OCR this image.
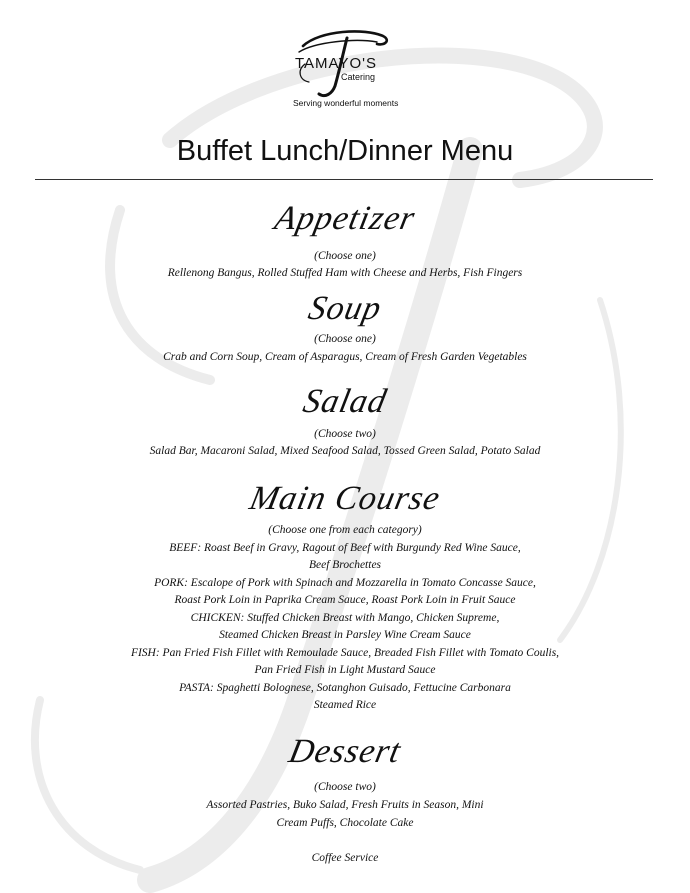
TAMAYO'S
Catering
Serving wonderful moments
Buffet Lunch/Dinner Menu
Appetizer

(Choose one)

Rellenong Bangus, Rolled Stuffed Ham with Cheese and Herbs, Fish Fingers

Soup

(Choose one)

Crab and Corn Soup, Cream of Asparagus, Cream of Fresh Garden Vegetables

Salad

(Choose two)

Salad Bar, Macaroni Salad, Mixed Seafood Salad, Tossed Green Salad, Potato Salad

Main Course

(Choose one from each category)

BEEF: Roast Beef in Gravy, Ragout of Beef with Burgundy Red Wine Sauce,

Beef Brochettes

PORK: Escalope of Pork with Spinach and Mozzarella in Tomato Concasse Sauce,

Roast Pork Loin in Paprika Cream Sauce, Roast Pork Loin in Fruit Sauce

CHICKEN: Stuffed Chicken Breast with Mango, Chicken Supreme,

Steamed Chicken Breast in Parsley Wine Cream Sauce

FISH: Pan Fried Fish Fillet with Remoulade Sauce, Breaded Fish Fillet with Tomato Coulis,

Pan Fried Fish in Light Mustard Sauce

PASTA: Spaghetti Bolognese, Sotanghon Guisado, Fettucine Carbonara

Steamed Rice

Dessert

(Choose two)

Assorted Pastries, Buko Salad, Fresh Fruits in Season, Mini

Cream Puffs, Chocolate Cake

Coffee Service
